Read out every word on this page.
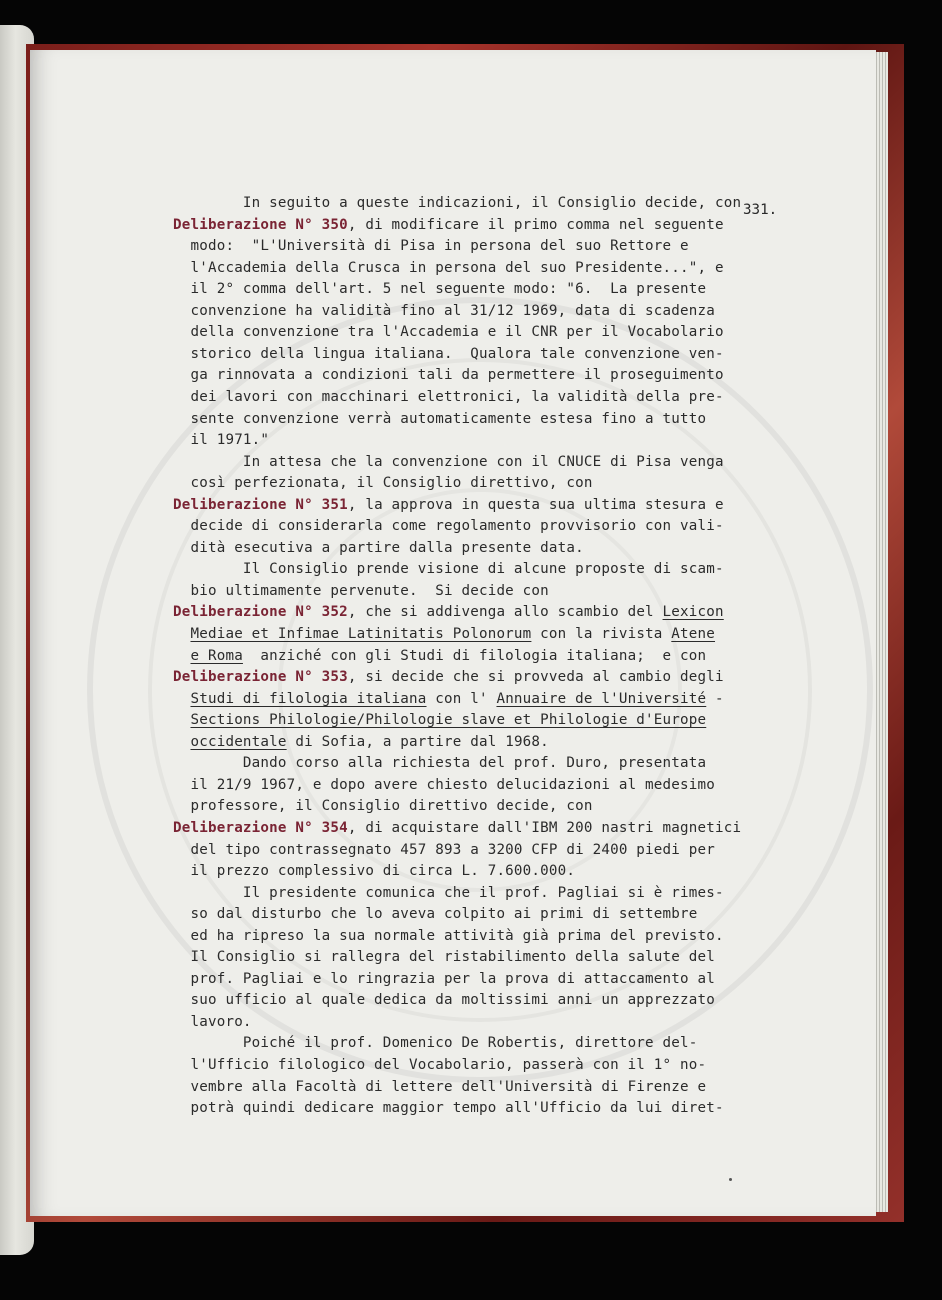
331.
In seguito a queste indicazioni, il Consiglio decide, con
Deliberazione N° 350, di modificare il primo comma nel seguente
modo:  "L'Università di Pisa in persona del suo Rettore e
l'Accademia della Crusca in persona del suo Presidente...", e
il 2° comma dell'art. 5 nel seguente modo: "6.  La presente
convenzione ha validità fino al 31/12 1969, data di scadenza
della convenzione tra l'Accademia e il CNR per il Vocabolario
storico della lingua italiana.  Qualora tale convenzione ven-
ga rinnovata a condizioni tali da permettere il proseguimento
dei lavori con macchinari elettronici, la validità della pre-
sente convenzione verrà automaticamente estesa fino a tutto
il 1971."
In attesa che la convenzione con il CNUCE di Pisa venga
così perfezionata, il Consiglio direttivo, con
Deliberazione N° 351, la approva in questa sua ultima stesura e
decide di considerarla come regolamento provvisorio con vali-
dità esecutiva a partire dalla presente data.
Il Consiglio prende visione di alcune proposte di scam-
bio ultimamente pervenute.  Si decide con
Deliberazione N° 352, che si addivenga allo scambio del Lexicon
Mediae et Infimae Latinitatis Polonorum con la rivista Atene
e Roma  anziché con gli Studi di filologia italiana;  e con
Deliberazione N° 353, si decide che si provveda al cambio degli
Studi di filologia italiana con l' Annuaire de l'Université -
Sections Philologie/Philologie slave et Philologie d'Europe
occidentale di Sofia, a partire dal 1968.
Dando corso alla richiesta del prof. Duro, presentata
il 21/9 1967, e dopo avere chiesto delucidazioni al medesimo
professore, il Consiglio direttivo decide, con
Deliberazione N° 354, di acquistare dall'IBM 200 nastri magnetici
del tipo contrassegnato 457 893 a 3200 CFP di 2400 piedi per
il prezzo complessivo di circa L. 7.600.000.
Il presidente comunica che il prof. Pagliai si è rimes-
so dal disturbo che lo aveva colpito ai primi di settembre
ed ha ripreso la sua normale attività già prima del previsto.
Il Consiglio si rallegra del ristabilimento della salute del
prof. Pagliai e lo ringrazia per la prova di attaccamento al
suo ufficio al quale dedica da moltissimi anni un apprezzato
lavoro.
Poiché il prof. Domenico De Robertis, direttore del-
l'Ufficio filologico del Vocabolario, passerà con il 1° no-
vembre alla Facoltà di lettere dell'Università di Firenze e
potrà quindi dedicare maggior tempo all'Ufficio da lui diret-
